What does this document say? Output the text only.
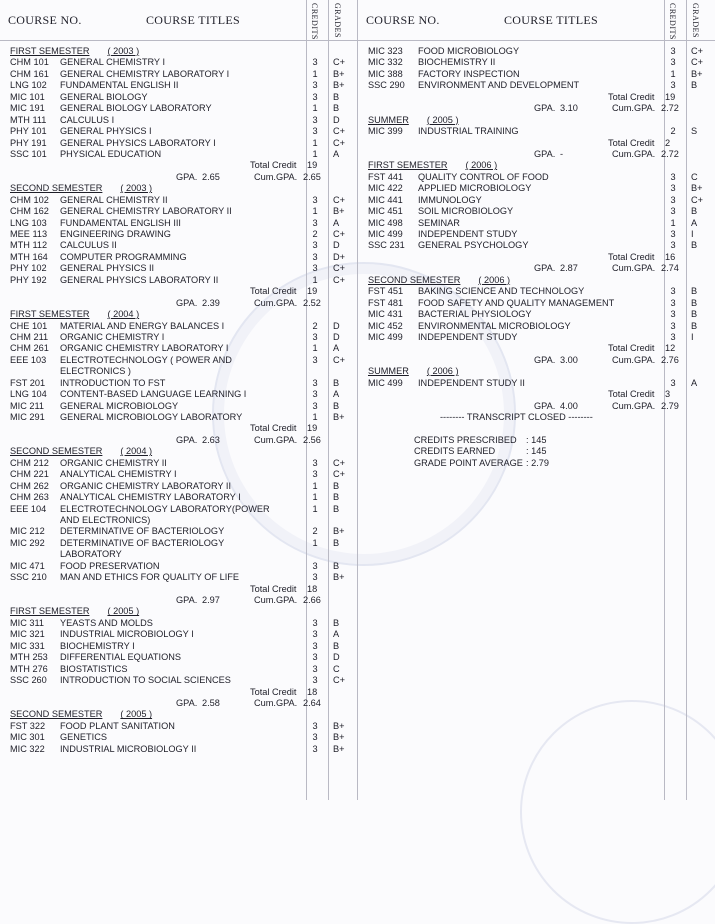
COURSE NO.	COURSE TITLES	CREDITS GRADES
FIRST SEMESTER ( 2003 )
CHM 101 GENERAL CHEMISTRY I	3 C+
CHM 161 GENERAL CHEMISTRY LABORATORY I	1 B+
LNG 102 FUNDAMENTAL ENGLISH II	3 B+
MIC 101 GENERAL BIOLOGY	3 B
MIC 191 GENERAL BIOLOGY LABORATORY	1 B
MTH 111 CALCULUS I	3 D
PHY 101 GENERAL PHYSICS I	3 C+
PHY 191 GENERAL PHYSICS LABORATORY I	1 C+
SSC 101 PHYSICAL EDUCATION	1 A
Total Credit 19
GPA. 2.65	Cum.GPA. 2.65
SECOND SEMESTER ( 2003 )
CHM 102 GENERAL CHEMISTRY II	3 C+
CHM 162 GENERAL CHEMISTRY LABORATORY II	1 B+
LNG 103 FUNDAMENTAL ENGLISH III	3 A
MEE 113 ENGINEERING DRAWING	2 C+
MTH 112 CALCULUS II	3 D
MTH 164 COMPUTER PROGRAMMING	3 D+
PHY 102 GENERAL PHYSICS II	3 C+
PHY 192 GENERAL PHYSICS LABORATORY II	1 C+
Total Credit 19
GPA. 2.39	Cum.GPA. 2.52
FIRST SEMESTER ( 2004 )
CHE 101 MATERIAL AND ENERGY BALANCES I	2 D
CHM 211 ORGANIC CHEMISTRY I	3 D
CHM 261 ORGANIC CHEMISTRY LABORATORY I	1 A
EEE 103 ELECTROTECHNOLOGY ( POWER AND ELECTRONICS )
3 C+
FST 201 INTRODUCTION TO FST	3 B
LNG 104 CONTENT-BASED LANGUAGE LEARNING I	3 A
MIC 211 GENERAL MICROBIOLOGY	3 B
MIC 291 GENERAL MICROBIOLOGY LABORATORY	1 B+
Total Credit 19
GPA. 2.63	Cum.GPA. 2.56
SECOND SEMESTER ( 2004 )
CHM 212 ORGANIC CHEMISTRY II	3 C+
CHM 221 ANALYTICAL CHEMISTRY I	3 C+
CHM 262 ORGANIC CHEMISTRY LABORATORY II	1 B
CHM 263 ANALYTICAL CHEMISTRY LABORATORY I	1 B
EEE 104 ELECTROTECHNOLOGY LABORATORY(POWER AND ELECTRONICS)
1 B
MIC 212 DETERMINATIVE OF BACTERIOLOGY	2 B+
MIC 292 DETERMINATIVE OF BACTERIOLOGY LABORATORY
1 B
MIC 471 FOOD PRESERVATION	3 B
SSC 210 MAN AND ETHICS FOR QUALITY OF LIFE	3 B+
Total Credit 18
GPA. 2.97	Cum.GPA. 2.66
FIRST SEMESTER ( 2005 )
MIC 311 YEASTS AND MOLDS	3 B
MIC 321 INDUSTRIAL MICROBIOLOGY I	3 A
MIC 331 BIOCHEMISTRY I	3 B
MTH 253 DIFFERENTIAL EQUATIONS	3 D
MTH 276 BIOSTATISTICS	3 C
SSC 260 INTRODUCTION TO SOCIAL SCIENCES	3 C+
Total Credit 18
GPA. 2.58	Cum.GPA. 2.64
SECOND SEMESTER ( 2005 )
FST 322 FOOD PLANT SANITATION	3 B+
MIC 301 GENETICS	3 B+
MIC 322 INDUSTRIAL MICROBIOLOGY II	3 B+
COURSE NO.	COURSE TITLES	CREDITS GRADES
MIC 323 FOOD MICROBIOLOGY	3 C+
MIC 332 BIOCHEMISTRY II	3 C+
MIC 388 FACTORY INSPECTION	1 B+
SSC 290 ENVIRONMENT AND DEVELOPMENT	3 B
Total Credit 19
GPA. 3.10	Cum.GPA. 2.72
SUMMER ( 2005 )
MIC 399 INDUSTRIAL TRAINING	2 S
Total Credit 2
GPA. -	Cum.GPA. 2.72
FIRST SEMESTER ( 2006 )
FST 441 QUALITY CONTROL OF FOOD	3 C
MIC 422 APPLIED MICROBIOLOGY	3 B+
MIC 441 IMMUNOLOGY	3 C+
MIC 451 SOIL MICROBIOLOGY	3 B
MIC 498 SEMINAR	1 A
MIC 499 INDEPENDENT STUDY	3 I
SSC 231 GENERAL PSYCHOLOGY	3 B
Total Credit 16
GPA. 2.87	Cum.GPA. 2.74
SECOND SEMESTER ( 2006 )
FST 451 BAKING SCIENCE AND TECHNOLOGY	3 B
FST 481 FOOD SAFETY AND QUALITY MANAGEMENT	3 B
MIC 431 BACTERIAL PHYSIOLOGY	3 B
MIC 452 ENVIRONMENTAL MICROBIOLOGY	3 B
MIC 499 INDEPENDENT STUDY	3 I
Total Credit 12
GPA. 3.00	Cum.GPA. 2.76
SUMMER ( 2006 )
MIC 499 INDEPENDENT STUDY II	3 A
Total Credit 3
GPA. 4.00	Cum.GPA. 2.79
-------- TRANSCRIPT CLOSED --------
CREDITS PRESCRIBED : 145
CREDITS EARNED	: 145
GRADE POINT AVERAGE : 2.79
